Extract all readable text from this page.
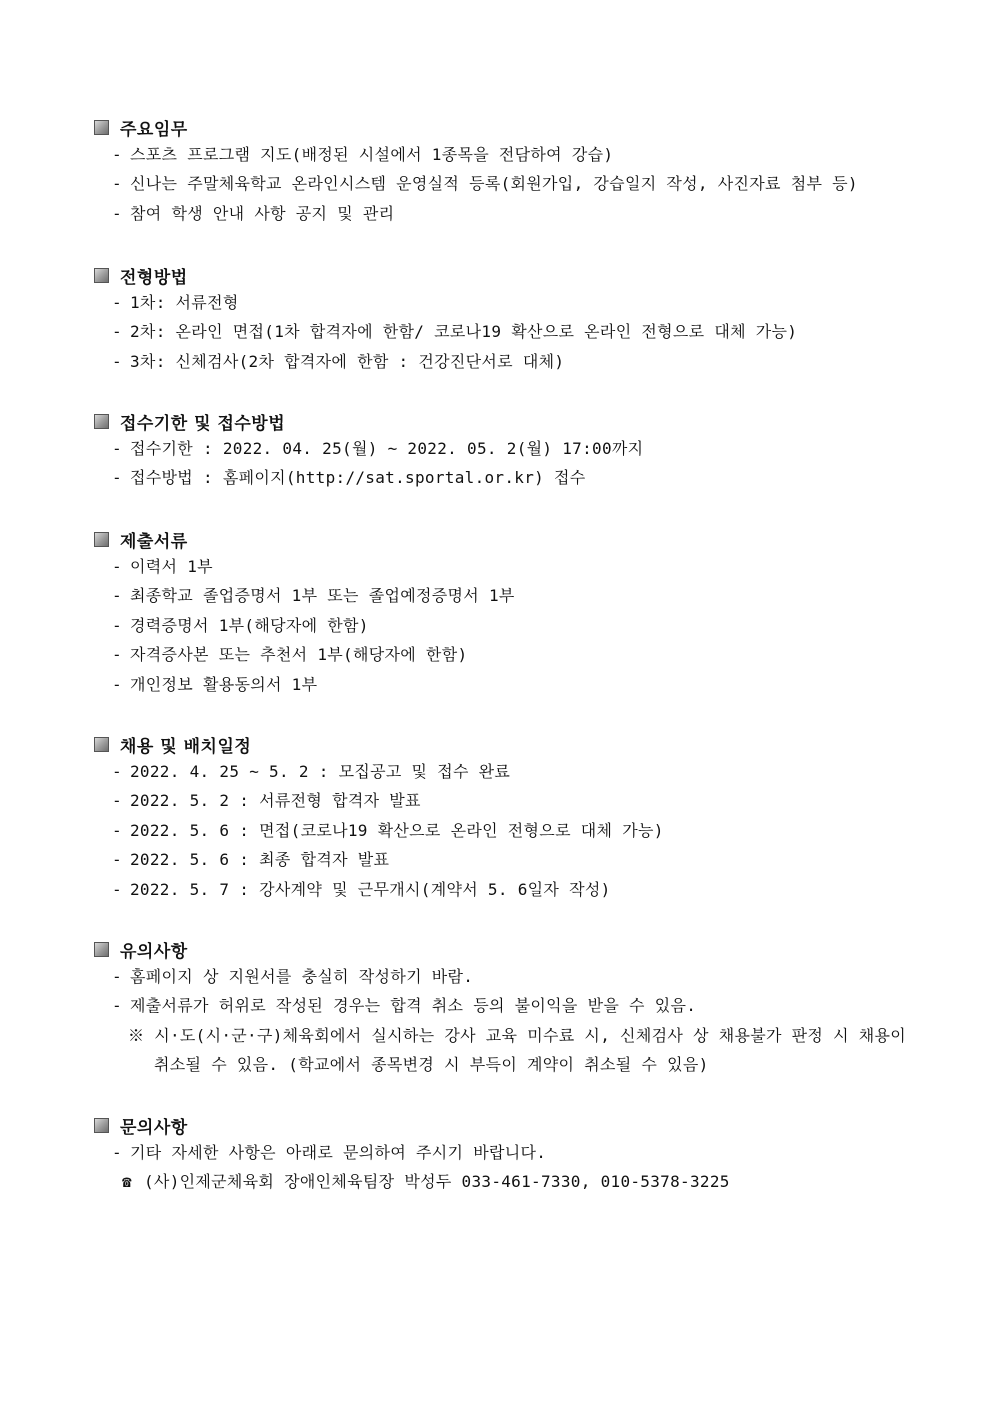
주요임무
- 스포츠 프로그램 지도(배정된 시설에서 1종목을 전담하여 강습)
- 신나는 주말체육학교 온라인시스템 운영실적 등록(회원가입, 강습일지 작성, 사진자료 첨부 등)
- 참여 학생 안내 사항 공지 및 관리
전형방법
- 1차: 서류전형
- 2차: 온라인 면접(1차 합격자에 한함/ 코로나19 확산으로 온라인 전형으로 대체 가능)
- 3차: 신체검사(2차 합격자에 한함 : 건강진단서로 대체)
접수기한 및 접수방법
- 접수기한 : 2022. 04. 25(월) ~ 2022. 05. 2(월) 17:00까지
- 접수방법 : 홈페이지(http://sat.sportal.or.kr) 접수
제출서류
- 이력서 1부
- 최종학교 졸업증명서 1부 또는 졸업예정증명서 1부
- 경력증명서 1부(해당자에 한함)
- 자격증사본 또는 추천서 1부(해당자에 한함)
- 개인정보 활용동의서 1부
채용 및 배치일정
- 2022. 4. 25 ~ 5. 2 : 모집공고 및 접수 완료
- 2022. 5. 2 : 서류전형 합격자 발표
- 2022. 5. 6 : 면접(코로나19 확산으로 온라인 전형으로 대체 가능)
- 2022. 5. 6 : 최종 합격자 발표
- 2022. 5. 7 : 강사계약 및 근무개시(계약서 5. 6일자 작성)
유의사항
- 홈페이지 상 지원서를 충실히 작성하기 바람.
- 제출서류가 허위로 작성된 경우는 합격 취소 등의 불이익을 받을 수 있음.
※ 시·도(시·군·구)체육회에서 실시하는 강사 교육 미수료 시, 신체검사 상 채용불가 판정 시 채용이
취소될 수 있음. (학교에서 종목변경 시 부득이 계약이 취소될 수 있음)
문의사항
- 기타 자세한 사항은 아래로 문의하여 주시기 바랍니다.
☎ (사)인제군체육회 장애인체육팀장 박성두 033-461-7330, 010-5378-3225
